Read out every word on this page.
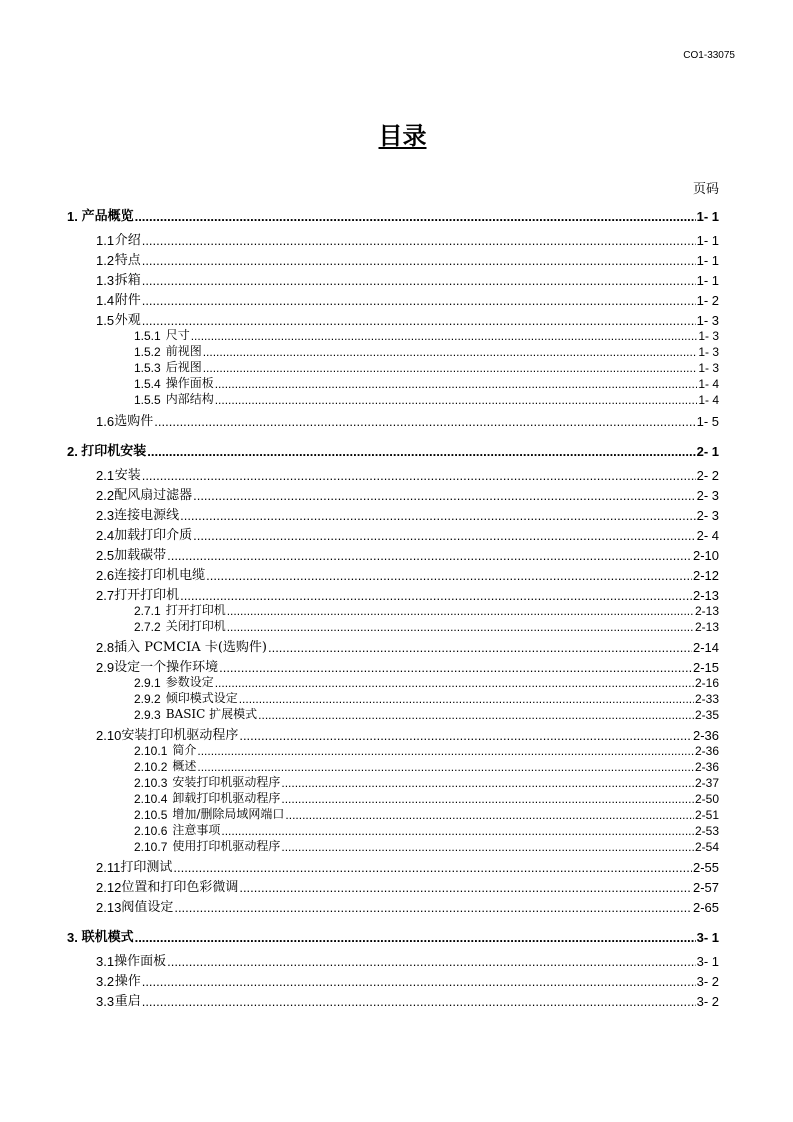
CO1-33075
目录
页码
1. 产品概览 .....	1- 1
1.1 介绍 .....	1- 1
1.2 特点 .....	1- 1
1.3 拆箱 .....	1- 1
1.4 附件 .....	1- 2
1.5 外观 .....	1- 3
1.5.1 尺寸 .....	1- 3
1.5.2 前视图 .....	1- 3
1.5.3 后视图 .....	1- 3
1.5.4 操作面板 .....	1- 4
1.5.5 内部结构 .....	1- 4
1.6 选购件 .....	1- 5
2. 打印机安装 .....	2- 1
2.1 安装 .....	2- 2
2.2 配风扇过滤器 .....	2- 3
2.3 连接电源线 .....	2- 3
2.4 加载打印介质 .....	2- 4
2.5 加载碳带 .....	2-10
2.6 连接打印机电缆 .....	2-12
2.7 打开打印机 .....	2-13
2.7.1 打开打印机 .....	2-13
2.7.2 关闭打印机 .....	2-13
2.8 插入 PCMCIA 卡(选购件) .....	2-14
2.9 设定一个操作环境 .....	2-15
2.9.1 参数设定 .....	2-16
2.9.2 倾印模式设定 .....	2-33
2.9.3 BASIC 扩展模式 .....	2-35
2.10 安装打印机驱动程序 .....	2-36
2.10.1 简介 .....	2-36
2.10.2 概述 .....	2-36
2.10.3 安装打印机驱动程序 .....	2-37
2.10.4 卸载打印机驱动程序 .....	2-50
2.10.5 增加/删除局域网端口 .....	2-51
2.10.6 注意事项 .....	2-53
2.10.7 使用打印机驱动程序 .....	2-54
2.11 打印测试 .....	2-55
2.12 位置和打印色彩微调 .....	2-57
2.13 阀值设定 .....	2-65
3. 联机模式 .....	3- 1
3.1 操作面板 .....	3- 1
3.2 操作 .....	3- 2
3.3 重启 .....	3- 2
